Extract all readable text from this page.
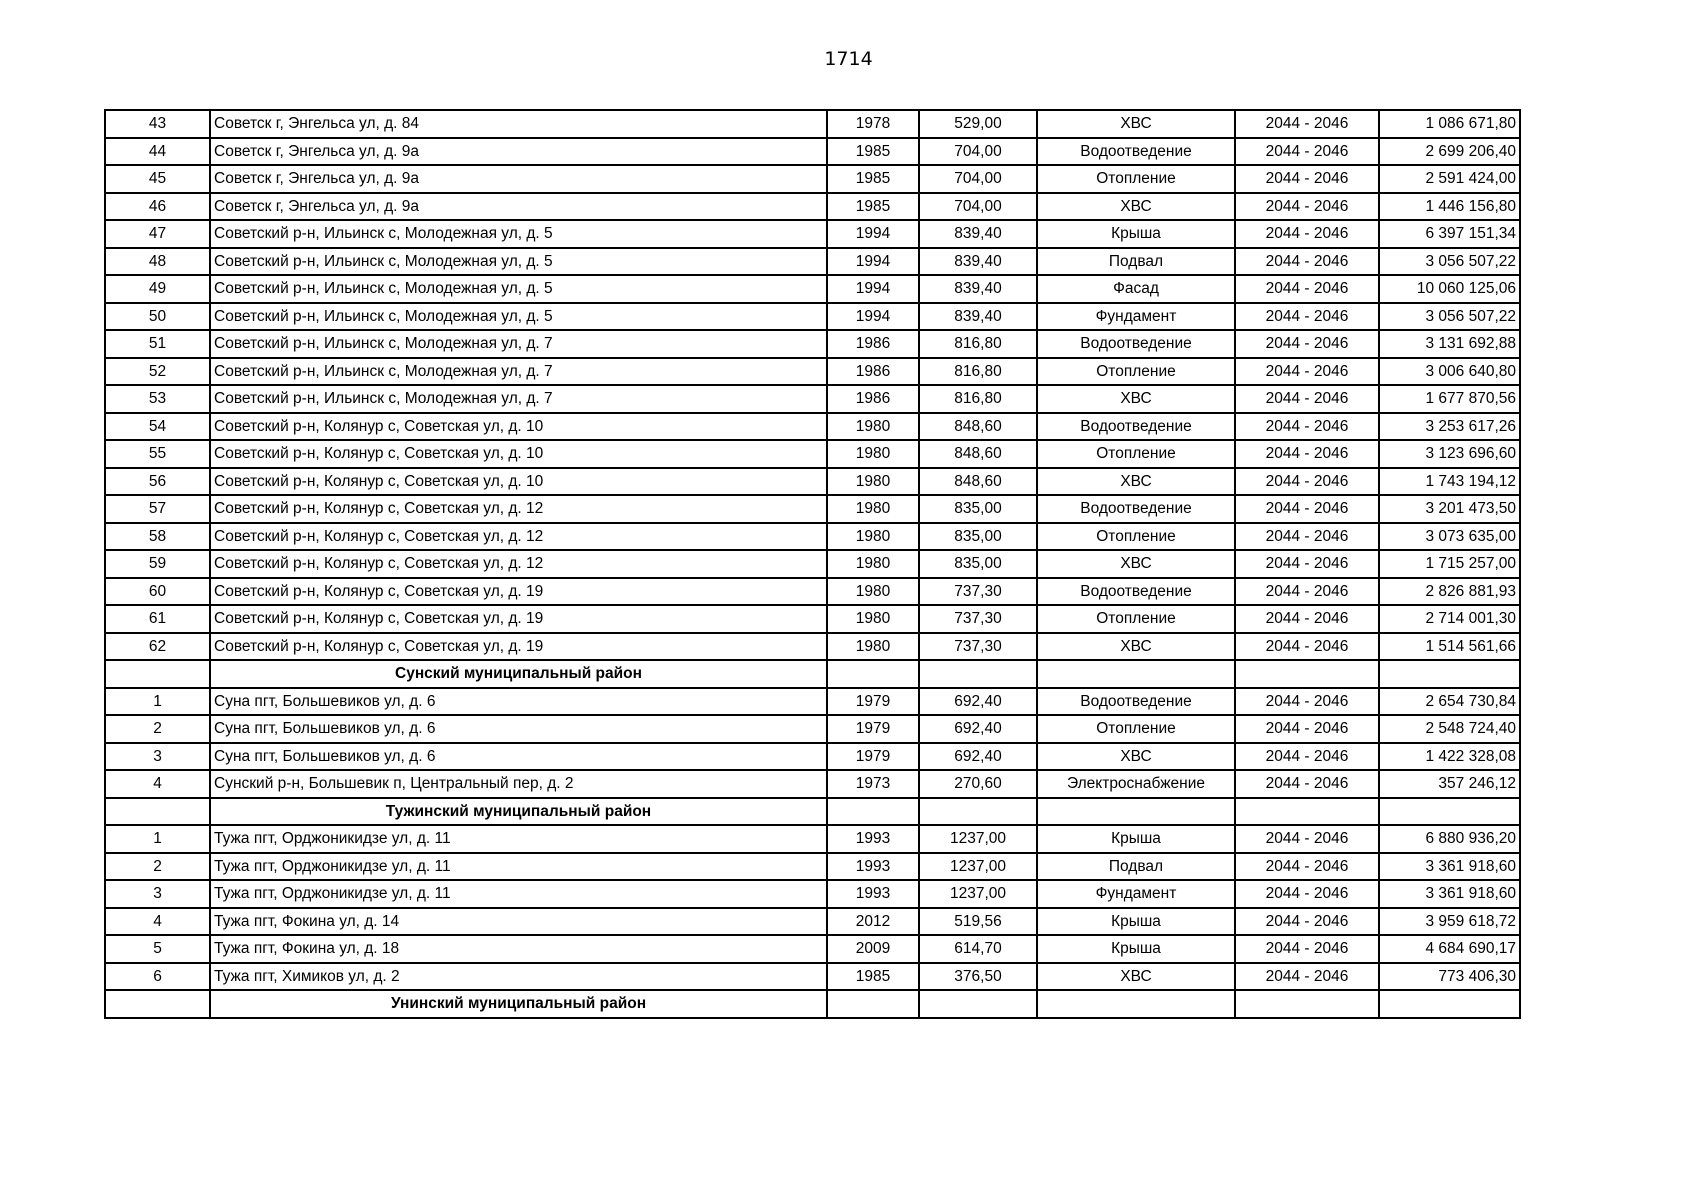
1714
43	Советск г, Энгельса ул, д. 84	1978	529,00	ХВС	2044 - 2046	1 086 671,80
44	Советск г, Энгельса ул, д. 9а	1985	704,00	Водоотведение	2044 - 2046	2 699 206,40
45	Советск г, Энгельса ул, д. 9а	1985	704,00	Отопление	2044 - 2046	2 591 424,00
46	Советск г, Энгельса ул, д. 9а	1985	704,00	ХВС	2044 - 2046	1 446 156,80
47	Советский р-н, Ильинск с, Молодежная ул, д. 5	1994	839,40	Крыша	2044 - 2046	6 397 151,34
48	Советский р-н, Ильинск с, Молодежная ул, д. 5	1994	839,40	Подвал	2044 - 2046	3 056 507,22
49	Советский р-н, Ильинск с, Молодежная ул, д. 5	1994	839,40	Фасад	2044 - 2046	10 060 125,06
50	Советский р-н, Ильинск с, Молодежная ул, д. 5	1994	839,40	Фундамент	2044 - 2046	3 056 507,22
51	Советский р-н, Ильинск с, Молодежная ул, д. 7	1986	816,80	Водоотведение	2044 - 2046	3 131 692,88
52	Советский р-н, Ильинск с, Молодежная ул, д. 7	1986	816,80	Отопление	2044 - 2046	3 006 640,80
53	Советский р-н, Ильинск с, Молодежная ул, д. 7	1986	816,80	ХВС	2044 - 2046	1 677 870,56
54	Советский р-н, Колянур с, Советская ул, д. 10	1980	848,60	Водоотведение	2044 - 2046	3 253 617,26
55	Советский р-н, Колянур с, Советская ул, д. 10	1980	848,60	Отопление	2044 - 2046	3 123 696,60
56	Советский р-н, Колянур с, Советская ул, д. 10	1980	848,60	ХВС	2044 - 2046	1 743 194,12
57	Советский р-н, Колянур с, Советская ул, д. 12	1980	835,00	Водоотведение	2044 - 2046	3 201 473,50
58	Советский р-н, Колянур с, Советская ул, д. 12	1980	835,00	Отопление	2044 - 2046	3 073 635,00
59	Советский р-н, Колянур с, Советская ул, д. 12	1980	835,00	ХВС	2044 - 2046	1 715 257,00
60	Советский р-н, Колянур с, Советская ул, д. 19	1980	737,30	Водоотведение	2044 - 2046	2 826 881,93
61	Советский р-н, Колянур с, Советская ул, д. 19	1980	737,30	Отопление	2044 - 2046	2 714 001,30
62	Советский р-н, Колянур с, Советская ул, д. 19	1980	737,30	ХВС	2044 - 2046	1 514 561,66
	Сунский муниципальный район					
1	Суна пгт, Большевиков ул, д. 6	1979	692,40	Водоотведение	2044 - 2046	2 654 730,84
2	Суна пгт, Большевиков ул, д. 6	1979	692,40	Отопление	2044 - 2046	2 548 724,40
3	Суна пгт, Большевиков ул, д. 6	1979	692,40	ХВС	2044 - 2046	1 422 328,08
4	Сунский р-н, Большевик п, Центральный пер, д. 2	1973	270,60	Электроснабжение	2044 - 2046	357 246,12
	Тужинский муниципальный район					
1	Тужа пгт, Орджоникидзе ул, д. 11	1993	1237,00	Крыша	2044 - 2046	6 880 936,20
2	Тужа пгт, Орджоникидзе ул, д. 11	1993	1237,00	Подвал	2044 - 2046	3 361 918,60
3	Тужа пгт, Орджоникидзе ул, д. 11	1993	1237,00	Фундамент	2044 - 2046	3 361 918,60
4	Тужа пгт, Фокина ул, д. 14	2012	519,56	Крыша	2044 - 2046	3 959 618,72
5	Тужа пгт, Фокина ул, д. 18	2009	614,70	Крыша	2044 - 2046	4 684 690,17
6	Тужа пгт, Химиков ул, д. 2	1985	376,50	ХВС	2044 - 2046	773 406,30
	Унинский муниципальный район					
